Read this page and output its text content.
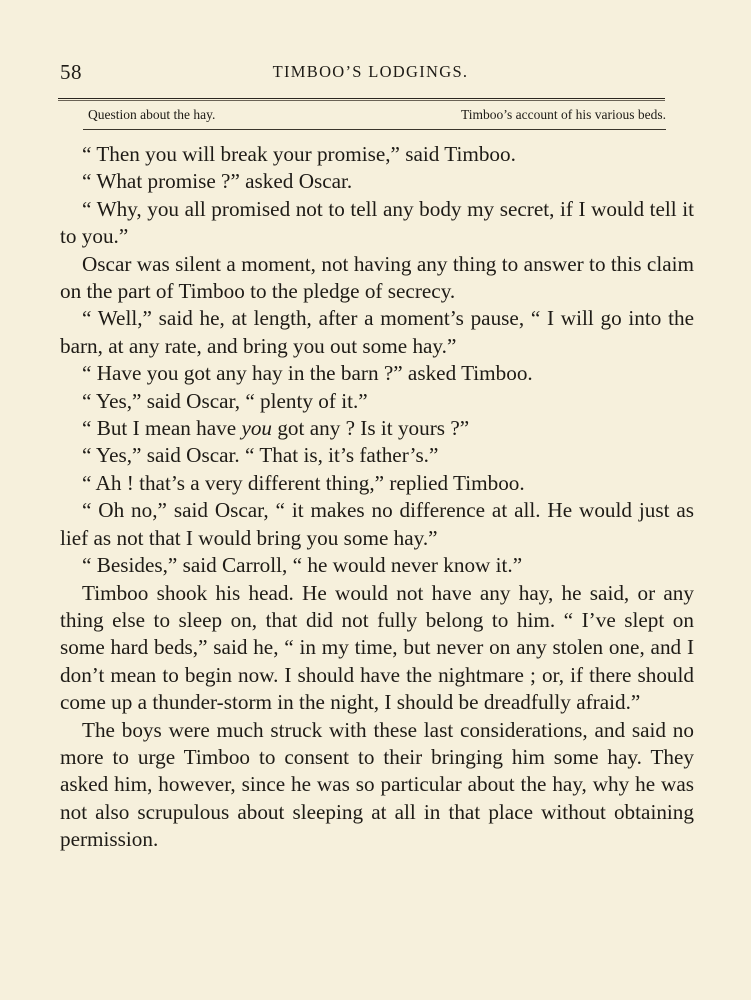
58	TIMBOO’S LODGINGS.
Question about the hay.	Timboo’s account of his various beds.

“ Then you will break your promise,” said Timboo.

“ What promise ?” asked Oscar.

“ Why, you all promised not to tell any body my secret, if I would tell it to you.”

Oscar was silent a moment, not having any thing to answer to this claim on the part of Timboo to the pledge of secrecy.

“ Well,” said he, at length, after a moment’s pause, “ I will go into the barn, at any rate, and bring you out some hay.”

“ Have you got any hay in the barn ?” asked Timboo.

“ Yes,” said Oscar, “ plenty of it.”

“ But I mean have you got any ? Is it yours ?”

“ Yes,” said Oscar. “ That is, it’s father’s.”

“ Ah ! that’s a very different thing,” replied Timboo.

“ Oh no,” said Oscar, “ it makes no difference at all. He would just as lief as not that I would bring you some hay.”

“ Besides,” said Carroll, “ he would never know it.”

Timboo shook his head. He would not have any hay, he said, or any thing else to sleep on, that did not fully belong to him. “ I’ve slept on some hard beds,” said he, “ in my time, but never on any stolen one, and I don’t mean to begin now. I should have the nightmare ; or, if there should come up a thunder-storm in the night, I should be dreadfully afraid.”

The boys were much struck with these last considerations, and said no more to urge Timboo to consent to their bringing him some hay. They asked him, however, since he was so particular about the hay, why he was not also scrupulous about sleeping at all in that place without obtaining permission.
